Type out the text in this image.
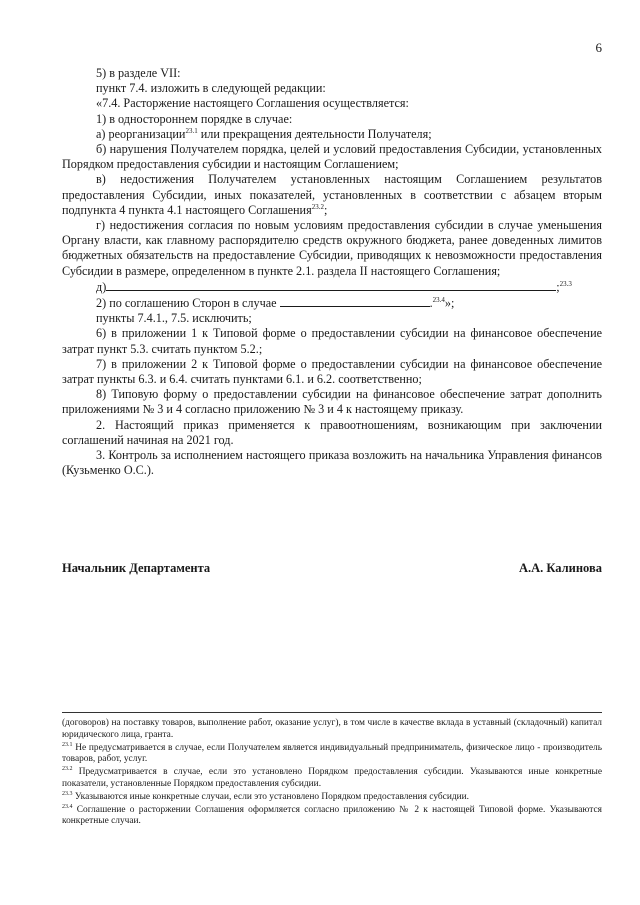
6

5) в разделе VII:

пункт 7.4. изложить в следующей редакции:

«7.4. Расторжение настоящего Соглашения осуществляется:

1) в одностороннем порядке в случае:

а) реорганизации$^{23.1}$ или прекращения деятельности Получателя;

б) нарушения Получателем порядка, целей и условий предоставления Субсидии, установленных Порядком предоставления субсидии и настоящим Соглашением;

в) недостижения Получателем установленных настоящим Соглашением результатов предоставления Субсидии, иных показателей, установленных в соответствии с абзацем вторым подпункта 4 пункта 4.1 настоящего Соглашения$^{23.2}$;

г) недостижения согласия по новым условиям предоставления субсидии в случае уменьшения Органу власти, как главному распорядителю средств окружного бюджета, ранее доведенных лимитов бюджетных обязательств на предоставление Субсидии, приводящих к невозможности предоставления Субсидии в размере, определенном в пункте 2.1. раздела II настоящего Соглашения;

д)	;$^{23.3}$

2) по соглашению Сторон в случае	.$^{23.4}$»;

пункты 7.4.1., 7.5. исключить;

6) в приложении 1 к Типовой форме о предоставлении субсидии на финансовое обеспечение затрат пункт 5.3. считать пунктом 5.2.;

7) в приложении 2 к Типовой форме о предоставлении субсидии на финансовое обеспечение затрат пункты 6.3. и 6.4. считать пунктами 6.1. и 6.2. соответственно;

8) Типовую форму о предоставлении субсидии на финансовое обеспечение затрат дополнить приложениями № 3 и 4 согласно приложению № 3 и 4 к настоящему приказу.

2. Настоящий приказ применяется к правоотношениям, возникающим при заключении соглашений начиная на 2021 год.

3. Контроль за исполнением настоящего приказа возложить на начальника Управления финансов (Кузьменко О.С.).

Начальник Департамента	А.А. Калинова

(договоров) на поставку товаров, выполнение работ, оказание услуг), в том числе в качестве вклада в уставный (складочный) капитал юридического лица, гранта.

$^{23.1}$ Не предусматривается в случае, если Получателем является индивидуальный предприниматель, физическое лицо - производитель товаров, работ, услуг.

$^{23.2}$ Предусматривается в случае, если это установлено Порядком предоставления субсидии. Указываются иные конкретные показатели, установленные Порядком предоставления субсидии.

$^{23.3}$ Указываются иные конкретные случаи, если это установлено Порядком предоставления субсидии.

$^{23.4}$ Соглашение о расторжении Соглашения оформляется согласно приложению № 2 к настоящей Типовой форме. Указываются конкретные случаи.
